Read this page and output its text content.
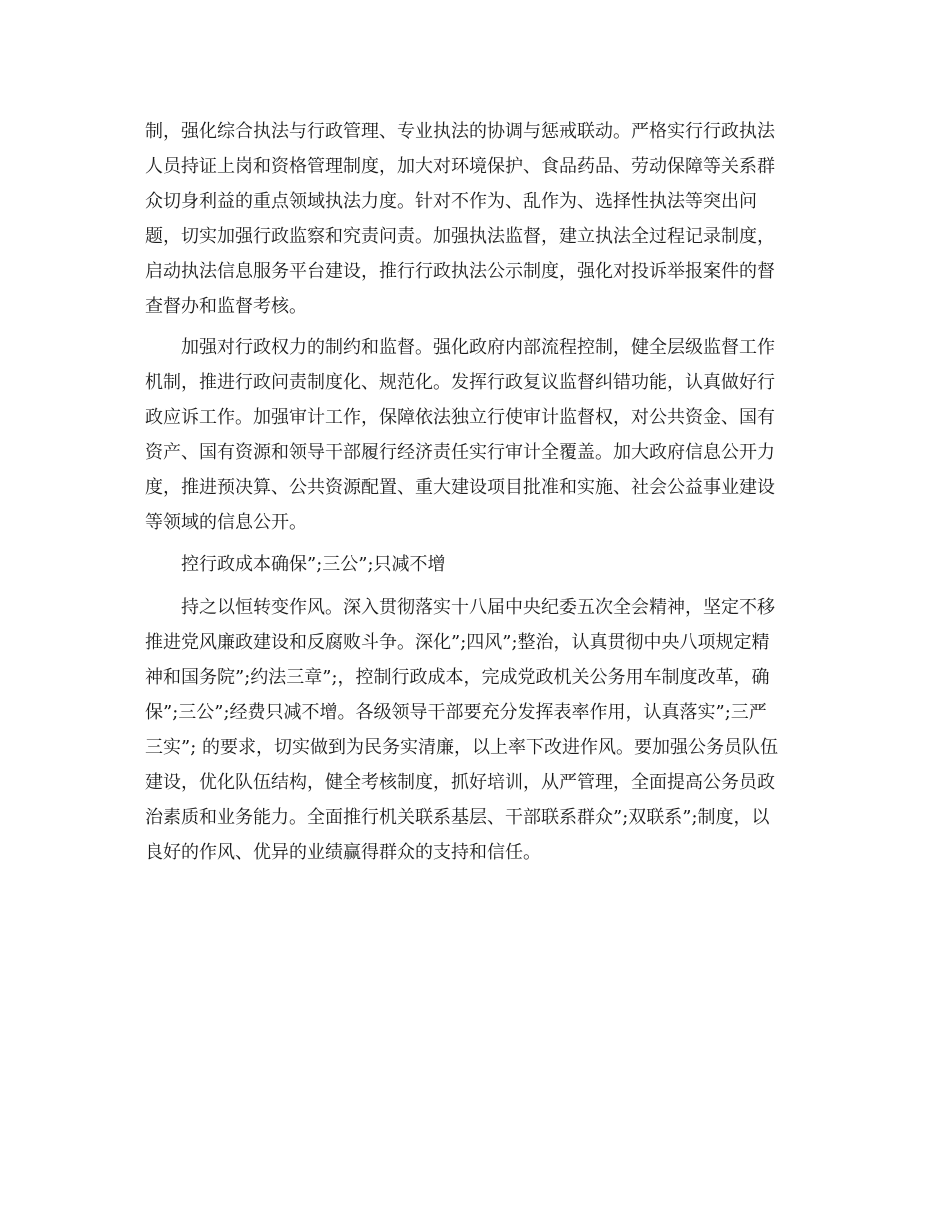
制，强化综合执法与行政管理、专业执法的协调与惩戒联动。严格实行行政执法
人员持证上岗和资格管理制度，加大对环境保护、食品药品、劳动保障等关系群
众切身利益的重点领域执法力度。针对不作为、乱作为、选择性执法等突出问
题，切实加强行政监察和究责问责。加强执法监督，建立执法全过程记录制度，
启动执法信息服务平台建设，推行行政执法公示制度，强化对投诉举报案件的督
查督办和监督考核。
　　加强对行政权力的制约和监督。强化政府内部流程控制，健全层级监督工作
机制，推进行政问责制度化、规范化。发挥行政复议监督纠错功能，认真做好行
政应诉工作。加强审计工作，保障依法独立行使审计监督权，对公共资金、国有
资产、国有资源和领导干部履行经济责任实行审计全覆盖。加大政府信息公开力
度，推进预决算、公共资源配置、重大建设项目批准和实施、社会公益事业建设
等领域的信息公开。
　　控行政成本确保”;三公”;只减不增
　　持之以恒转变作风。深入贯彻落实十八届中央纪委五次全会精神，坚定不移
推进党风廉政建设和反腐败斗争。深化”;四风”;整治，认真贯彻中央八项规定精
神和国务院”;约法三章”;，控制行政成本，完成党政机关公务用车制度改革，确
保”;三公”;经费只减不增。各级领导干部要充分发挥表率作用，认真落实”;三严
三实”; 的要求，切实做到为民务实清廉，以上率下改进作风。要加强公务员队伍
建设，优化队伍结构，健全考核制度，抓好培训，从严管理，全面提高公务员政
治素质和业务能力。全面推行机关联系基层、干部联系群众”;双联系”;制度，以
良好的作风、优异的业绩赢得群众的支持和信任。
